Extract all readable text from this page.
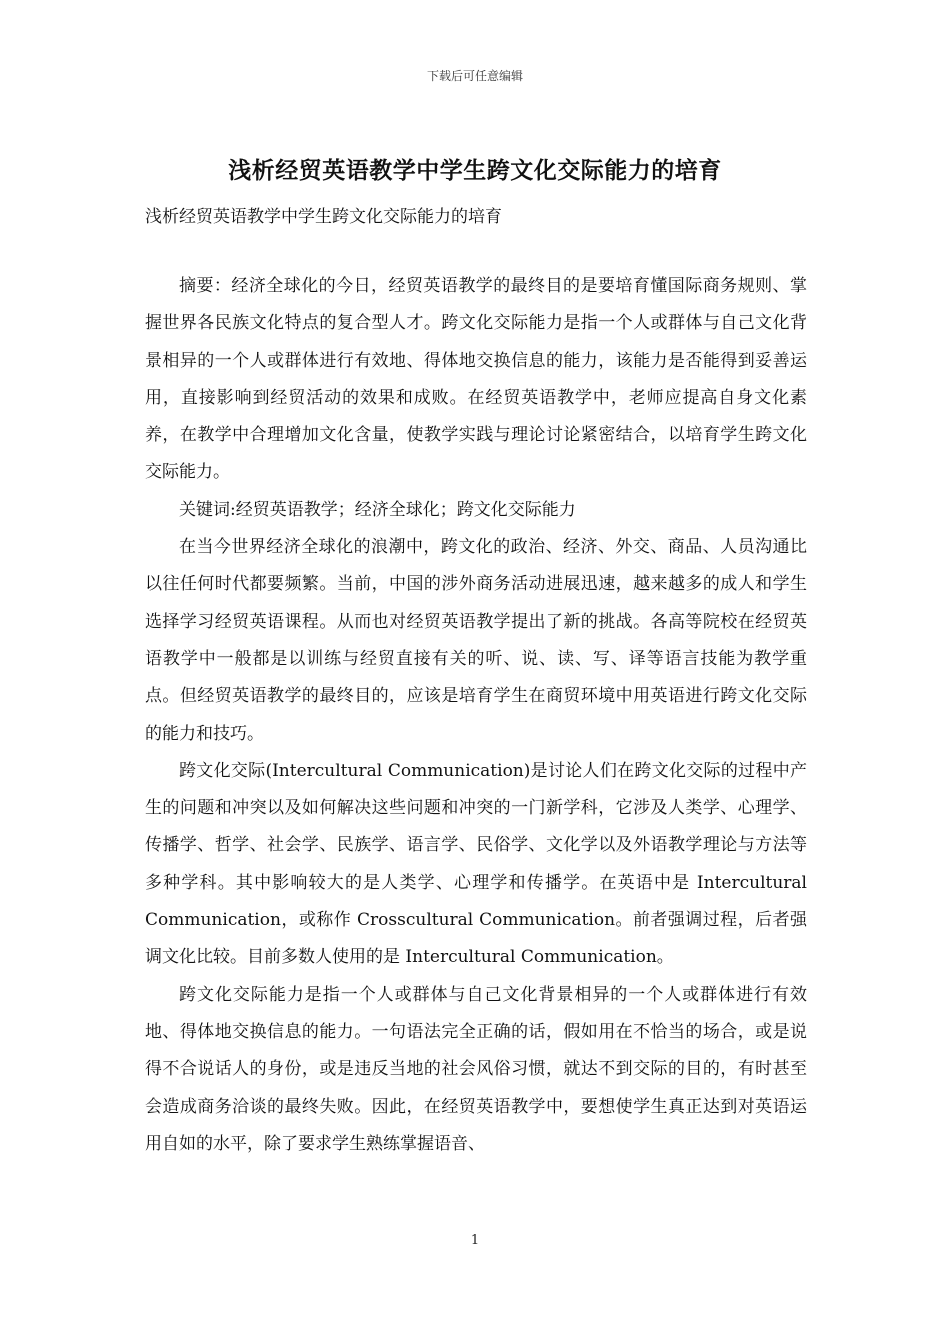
下载后可任意编辑
浅析经贸英语教学中学生跨文化交际能力的培育
浅析经贸英语教学中学生跨文化交际能力的培育

摘要：经济全球化的今日，经贸英语教学的最终目的是要培育懂国际商务规则、掌握世界各民族文化特点的复合型人才。跨文化交际能力是指一个人或群体与自己文化背景相异的一个人或群体进行有效地、得体地交换信息的能力，该能力是否能得到妥善运用，直接影响到经贸活动的效果和成败。在经贸英语教学中，老师应提高自身文化素养，在教学中合理增加文化含量，使教学实践与理论讨论紧密结合，以培育学生跨文化交际能力。

关键词:经贸英语教学；经济全球化；跨文化交际能力

在当今世界经济全球化的浪潮中，跨文化的政治、经济、外交、商品、人员沟通比以往任何时代都要频繁。当前，中国的涉外商务活动进展迅速，越来越多的成人和学生选择学习经贸英语课程。从而也对经贸英语教学提出了新的挑战。各高等院校在经贸英语教学中一般都是以训练与经贸直接有关的听、说、读、写、译等语言技能为教学重点。但经贸英语教学的最终目的，应该是培育学生在商贸环境中用英语进行跨文化交际的能力和技巧。

跨文化交际(Intercultural Communication)是讨论人们在跨文化交际的过程中产生的问题和冲突以及如何解决这些问题和冲突的一门新学科，它涉及人类学、心理学、传播学、哲学、社会学、民族学、语言学、民俗学、文化学以及外语教学理论与方法等多种学科。其中影响较大的是人类学、心理学和传播学。在英语中是 Intercultural Communication，或称作 Crosscultural Communication。前者强调过程，后者强调文化比较。目前多数人使用的是 Intercultural Communication。

跨文化交际能力是指一个人或群体与自己文化背景相异的一个人或群体进行有效地、得体地交换信息的能力。一句语法完全正确的话，假如用在不恰当的场合，或是说得不合说话人的身份，或是违反当地的社会风俗习惯，就达不到交际的目的，有时甚至会造成商务洽谈的最终失败。因此，在经贸英语教学中，要想使学生真正达到对英语运用自如的水平，除了要求学生熟练掌握语音、

1
